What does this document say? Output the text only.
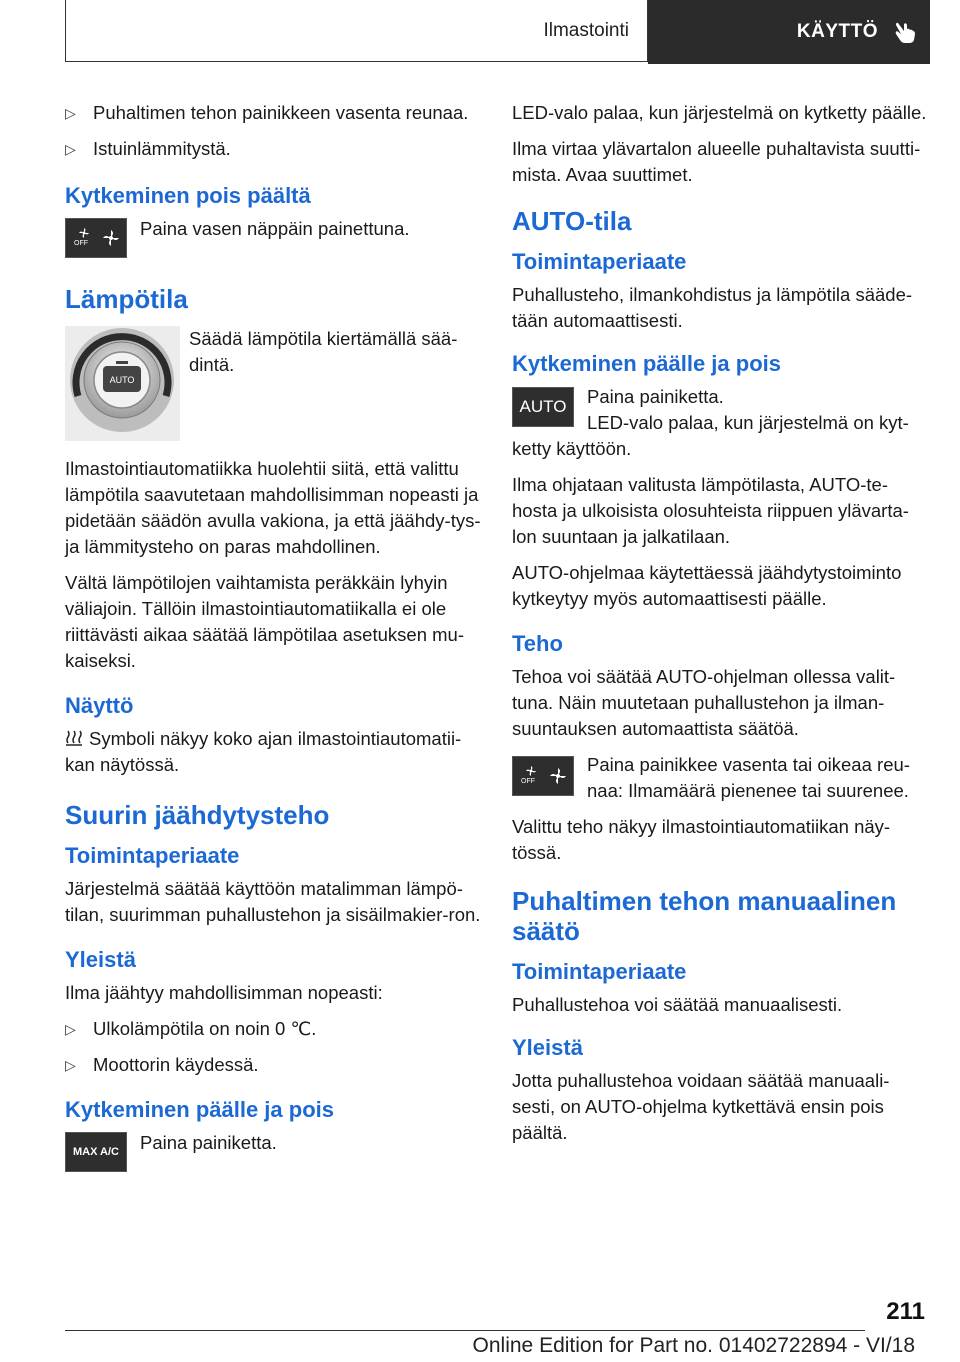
Ilmastointi	KÄYTTÖ
▷ Puhaltimen tehon painikkeen vasenta reunaa.
▷ Istuinlämmitystä.
Kytkeminen pois päältä
OFF
Paina vasen näppäin painettuna.
Lämpötila
AUTO
Säädä lämpötila kiertämällä sää‐dintä.

Ilmastointiautomatiikka huolehtii siitä, että valittu lämpötila saavutetaan mahdollisimman nopeasti ja pidetään säädön avulla vakiona, ja että jäähdy‐tys- ja lämmitysteho on paras mahdollinen.

Vältä lämpötilojen vaihtamista peräkkäin lyhyin väliajoin. Tällöin ilmastointiautomatiikalla ei ole riittävästi aikaa säätää lämpötilaa asetuksen mu‐kaiseksi.

Näyttö

Symboli näkyy koko ajan ilmastointiautomatii‐kan näytössä.

Suurin jäähdytysteho
Toimintaperiaate

Järjestelmä säätää käyttöön matalimman lämpö‐tilan, suurimman puhallustehon ja sisäilmakier‐ron.

Yleistä

Ilma jäähtyy mahdollisimman nopeasti:

▷ Ulkolämpötila on noin 0 ℃.
▷ Moottorin käydessä.
Kytkeminen päälle ja pois
MAX A/C	Paina painiketta.

LED-valo palaa, kun järjestelmä on kytketty päälle.

Ilma virtaa ylävartalon alueelle puhaltavista suutti‐mista. Avaa suuttimet.

AUTO-tila
Toimintaperiaate

Puhallusteho, ilmankohdistus ja lämpötila sääde‐tään automaattisesti.

Kytkeminen päälle ja pois
AUTO	Paina painiketta.

LED-valo palaa, kun järjestelmä on kyt‐ketty käyttöön.

Ilma ohjataan valitusta lämpötilasta, AUTO-te‐hosta ja ulkoisista olosuhteista riippuen ylävarta‐lon suuntaan ja jalkatilaan.

AUTO-ohjelmaa käytettäessä jäähdytystoiminto kytkeytyy myös automaattisesti päälle.

Teho

Tehoa voi säätää AUTO-ohjelman ollessa valit‐tuna. Näin muutetaan puhallustehon ja ilman‐suuntauksen automaattista säätöä.

OFF
Paina painikkee vasenta tai oikeaa reu‐naa: Ilmamäärä pienenee tai suurenee.

Valittu teho näkyy ilmastointiautomatiikan näy‐tössä.

Puhaltimen tehon manuaalinen säätö
Toimintaperiaate

Puhallustehoa voi säätää manuaalisesti.

Yleistä

Jotta puhallustehoa voidaan säätää manuaali‐sesti, on AUTO-ohjelma kytkettävä ensin pois päältä.

211
Online Edition for Part no. 01402722894 - VI/18
